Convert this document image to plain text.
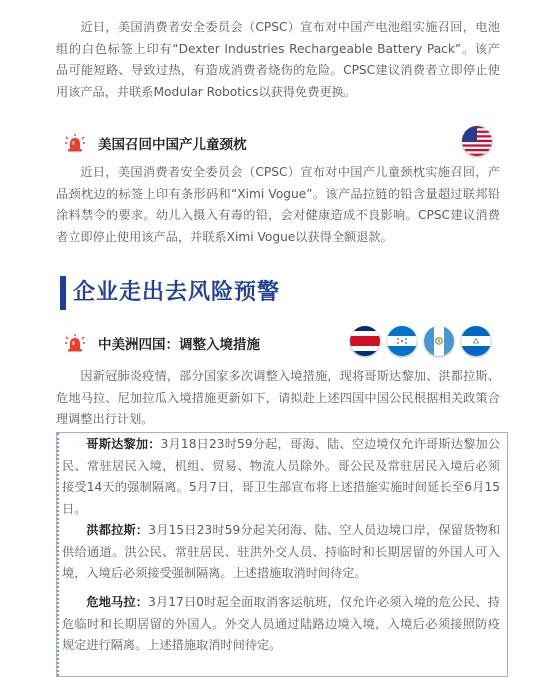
近日，美国消费者安全委员会（CPSC）宣布对中国产电池组实施召回，电池组的白色标签上印有“Dexter Industries Rechargeable Battery Pack”。该产品可能短路、导致过热，有造成消费者烧伤的危险。CPSC建议消费者立即停止使用该产品，并联系Modular Robotics以获得免费更换。

美国召回中国产儿童颈枕

近日，美国消费者安全委员会（CPSC）宣布对中国产儿童颈枕实施召回，产品颈枕边的标签上印有条形码和“Ximi Vogue”。该产品拉链的铅含量超过联邦铅涂料禁令的要求。幼儿入摄入有毒的铅，会对健康造成不良影响。CPSC建议消费者立即停止使用该产品，并联系Ximi Vogue以获得全额退款。

企业走出去风险预警
中美洲四国：调整入境措施

因新冠肺炎疫情，部分国家多次调整入境措施，现将哥斯达黎加、洪都拉斯、危地马拉、尼加拉瓜入境措施更新如下，请拟赴上述四国中国公民根据相关政策合理调整出行计划。

哥斯达黎加：3月18日23时59分起，哥海、陆、空边境仅允许哥斯达黎加公民、常驻居民入境，机组、贸易、物流人员除外。哥公民及常驻居民入境后必须接受14天的强制隔离。5月7日，哥卫生部宣布将上述措施实施时间延长至6月15日。

洪都拉斯：3月15日23时59分起关闭海、陆、空人员边境口岸，保留货物和供给通道。洪公民、常驻居民、驻洪外交人员、持临时和长期居留的外国人可入境，入境后必须接受强制隔离。上述措施取消时间待定。

危地马拉：3月17日0时起全面取消客运航班，仅允许必须入境的危公民、持危临时和长期居留的外国人。外交人员通过陆路边境入境，入境后必须接照防疫规定进行隔离。上述措施取消时间待定。
